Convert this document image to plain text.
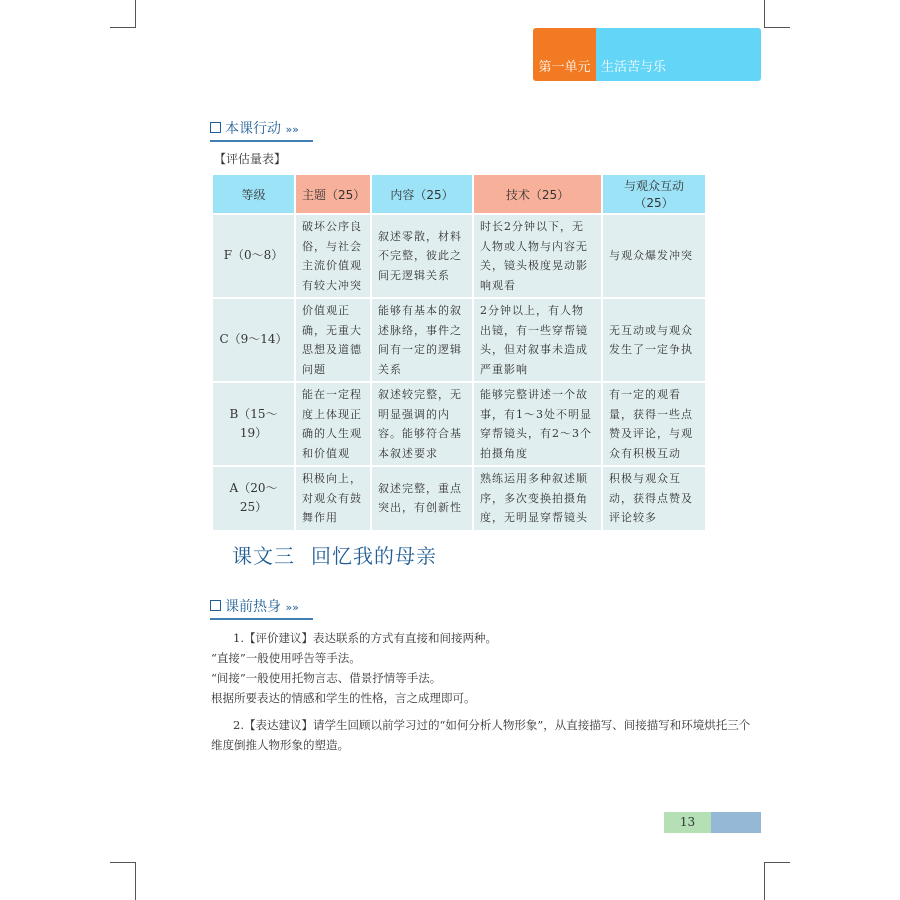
第一单元 生活苦与乐
本课行动 »»
【评估量表】
等级	主题（25）	内容（25）	技术（25）	与观众互动（25）
F（0～8）	破坏公序良俗，与社会主流价值观有较大冲突	叙述零散，材料不完整，彼此之间无逻辑关系	时长2分钟以下，无人物或人物与内容无关，镜头极度晃动影响观看	与观众爆发冲突
C（9～14）	价值观正确，无重大思想及道德问题	能够有基本的叙述脉络，事件之间有一定的逻辑关系	2分钟以上，有人物出镜，有一些穿帮镜头，但对叙事未造成严重影响	无互动或与观众发生了一定争执
B（15～19）	能在一定程度上体现正确的人生观和价值观	叙述较完整，无明显强调的内容。能够符合基本叙述要求	能够完整讲述一个故事，有1～3处不明显穿帮镜头，有2～3个拍摄角度	有一定的观看量，获得一些点赞及评论，与观众有积极互动
A（20～25）	积极向上，对观众有鼓舞作用	叙述完整，重点突出，有创新性	熟练运用多种叙述顺序，多次变换拍摄角度，无明显穿帮镜头	积极与观众互动，获得点赞及评论较多
课文三 回忆我的母亲
课前热身 »»

1.【评价建议】表达联系的方式有直接和间接两种。

“直接”一般使用呼告等手法。

“间接”一般使用托物言志、借景抒情等手法。

根据所要表达的情感和学生的性格，言之成理即可。

2.【表达建议】请学生回顾以前学习过的“如何分析人物形象”，从直接描写、间接描写和环境烘托三个维度倒推人物形象的塑造。

13
